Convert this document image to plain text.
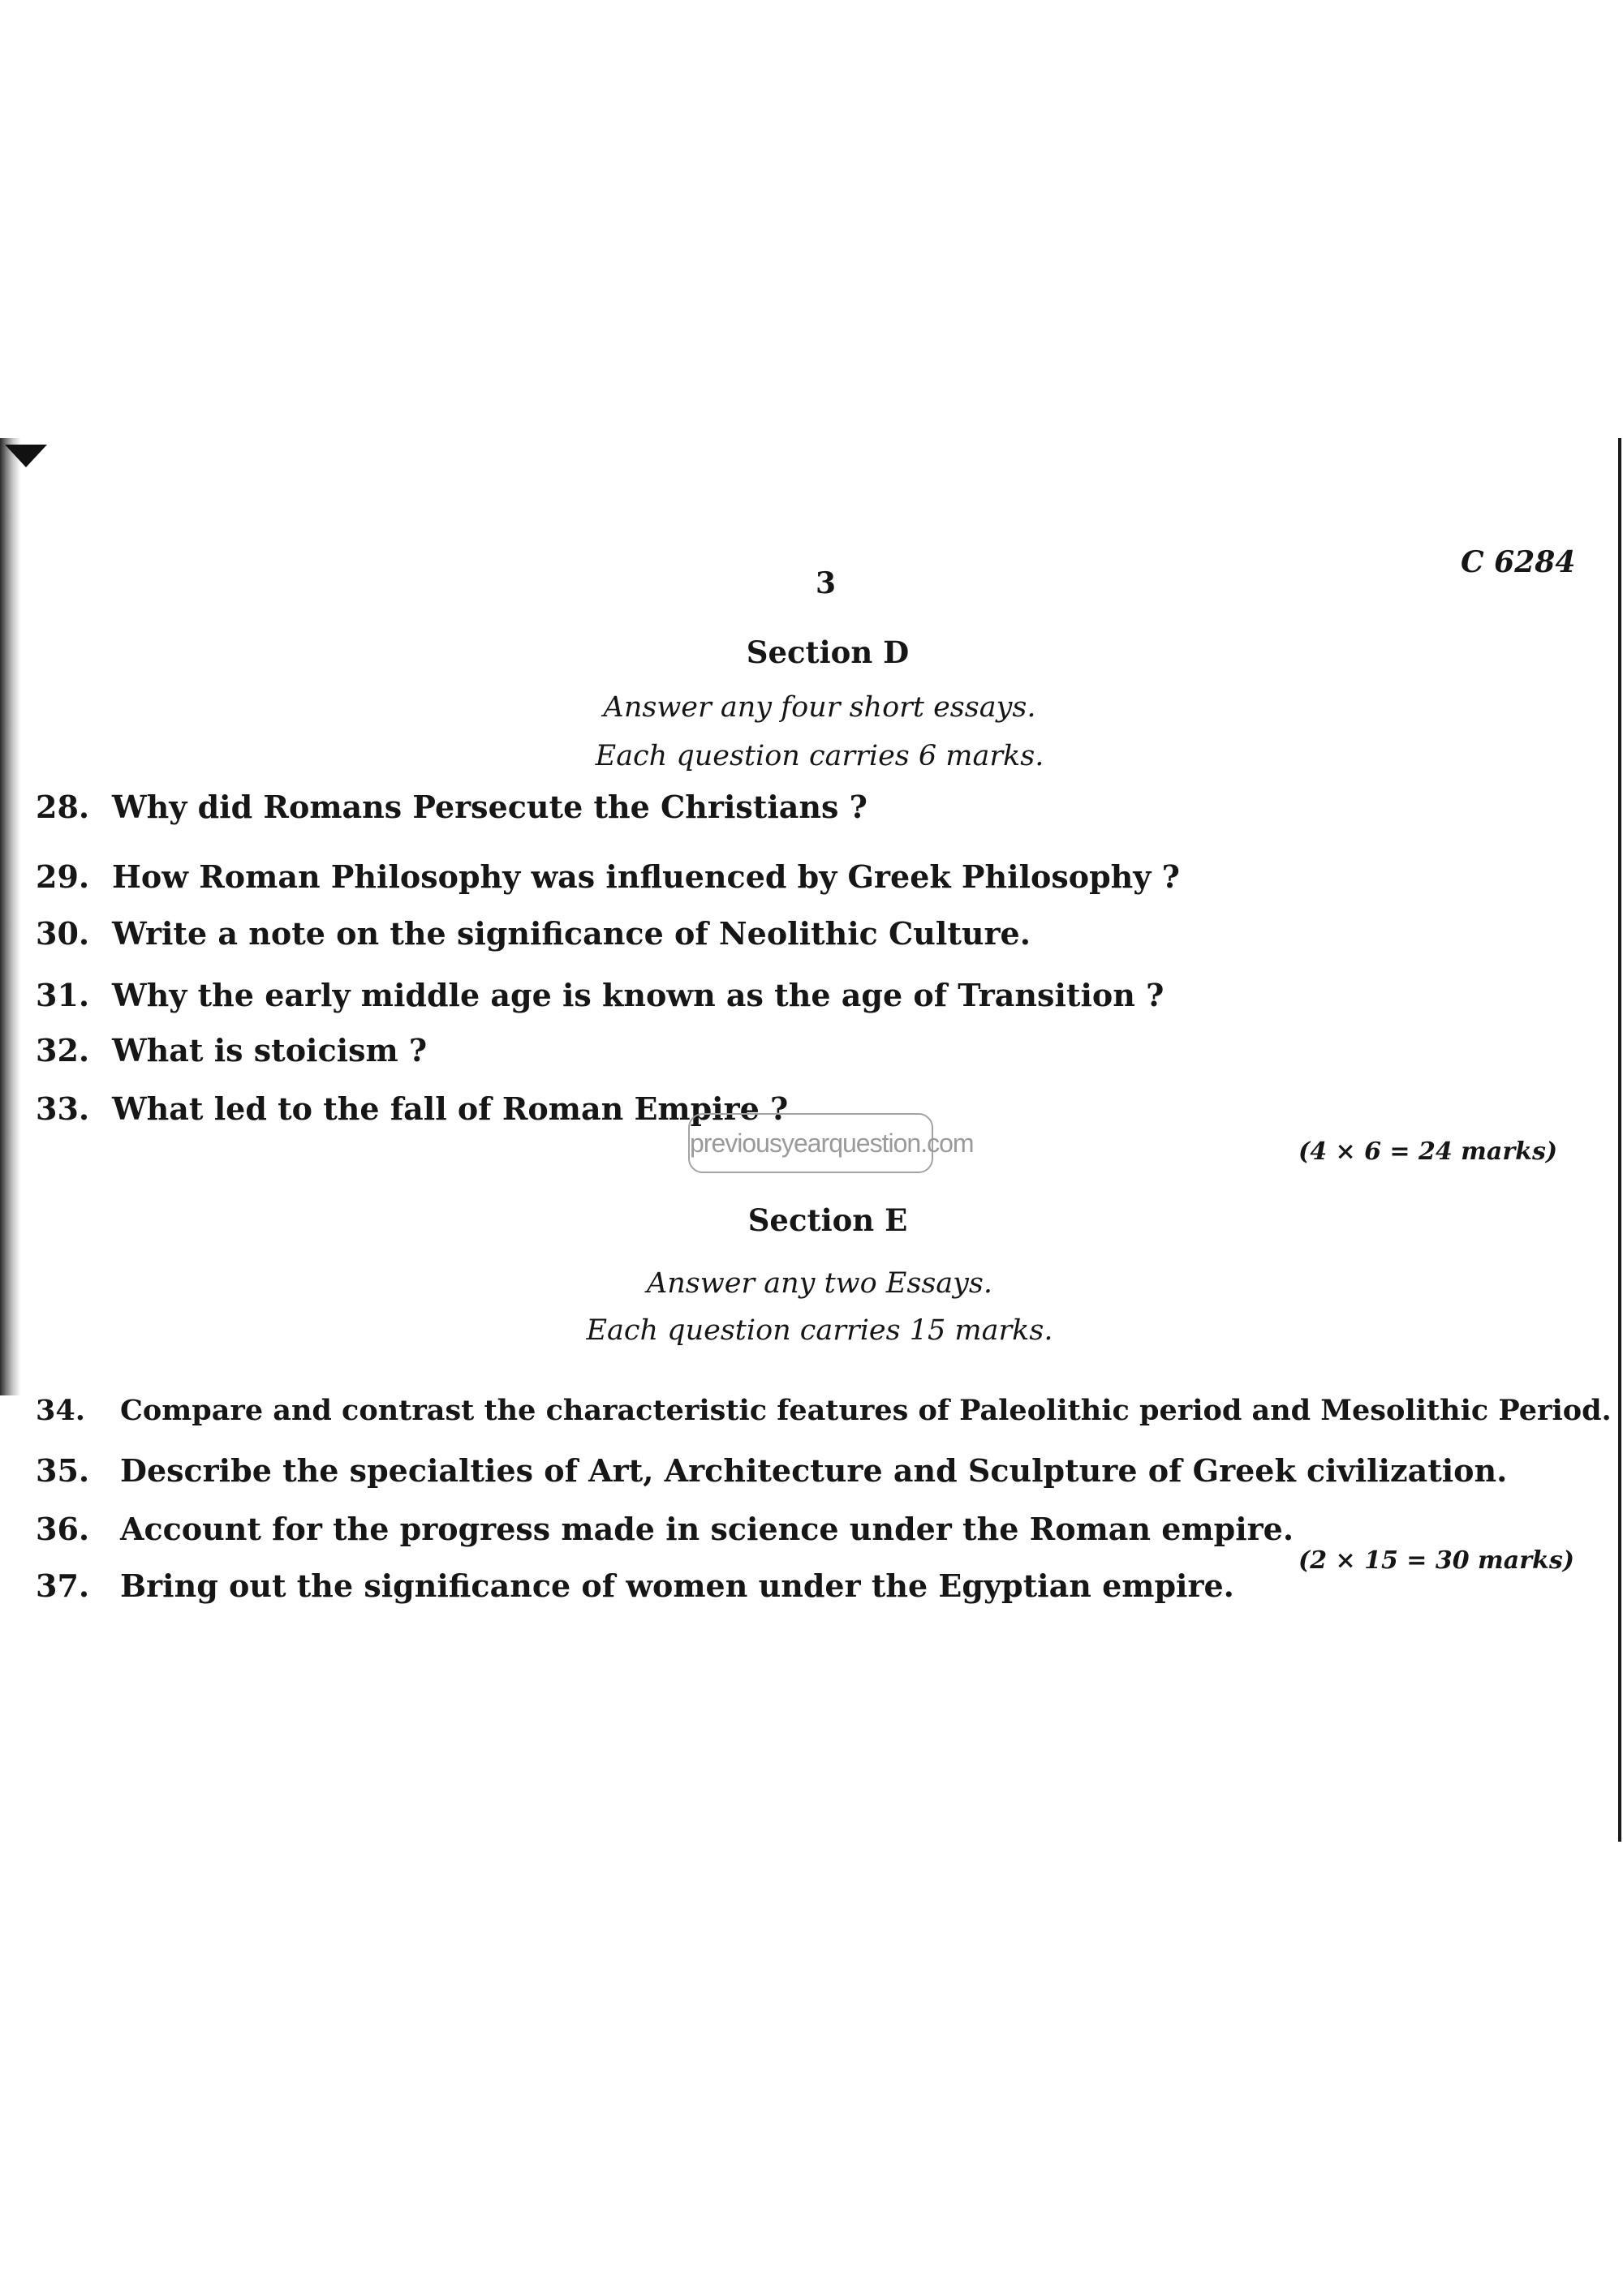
3
C 6284
Section D
Answer any four short essays.
Each question carries 6 marks.
28. Why did Romans Persecute the Christians ?
29. How Roman Philosophy was influenced by Greek Philosophy ?
30. Write a note on the significance of Neolithic Culture.
31. Why the early middle age is known as the age of Transition ?
32. What is stoicism ?
33. What led to the fall of Roman Empire ?
previousyearquestion.com	(4 × 6 = 24 marks)
Section E
Answer any two Essays.
Each question carries 15 marks.
34. Compare and contrast the characteristic features of Paleolithic period and Mesolithic Period.
35. Describe the specialties of Art, Architecture and Sculpture of Greek civilization.
36. Account for the progress made in science under the Roman empire.
37. Bring out the significance of women under the Egyptian empire.
(2 × 15 = 30 marks)
